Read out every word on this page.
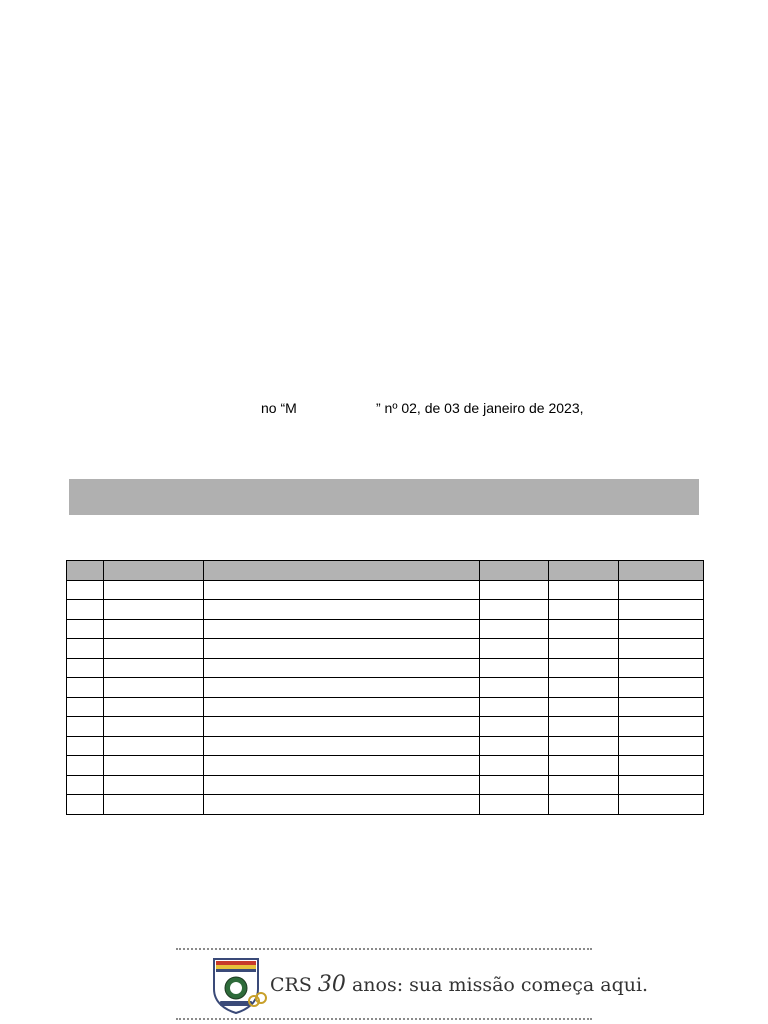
no “M	” nº 02, de 03 de janeiro de 2023,

CRS 30 anos: sua missão começa aqui.
